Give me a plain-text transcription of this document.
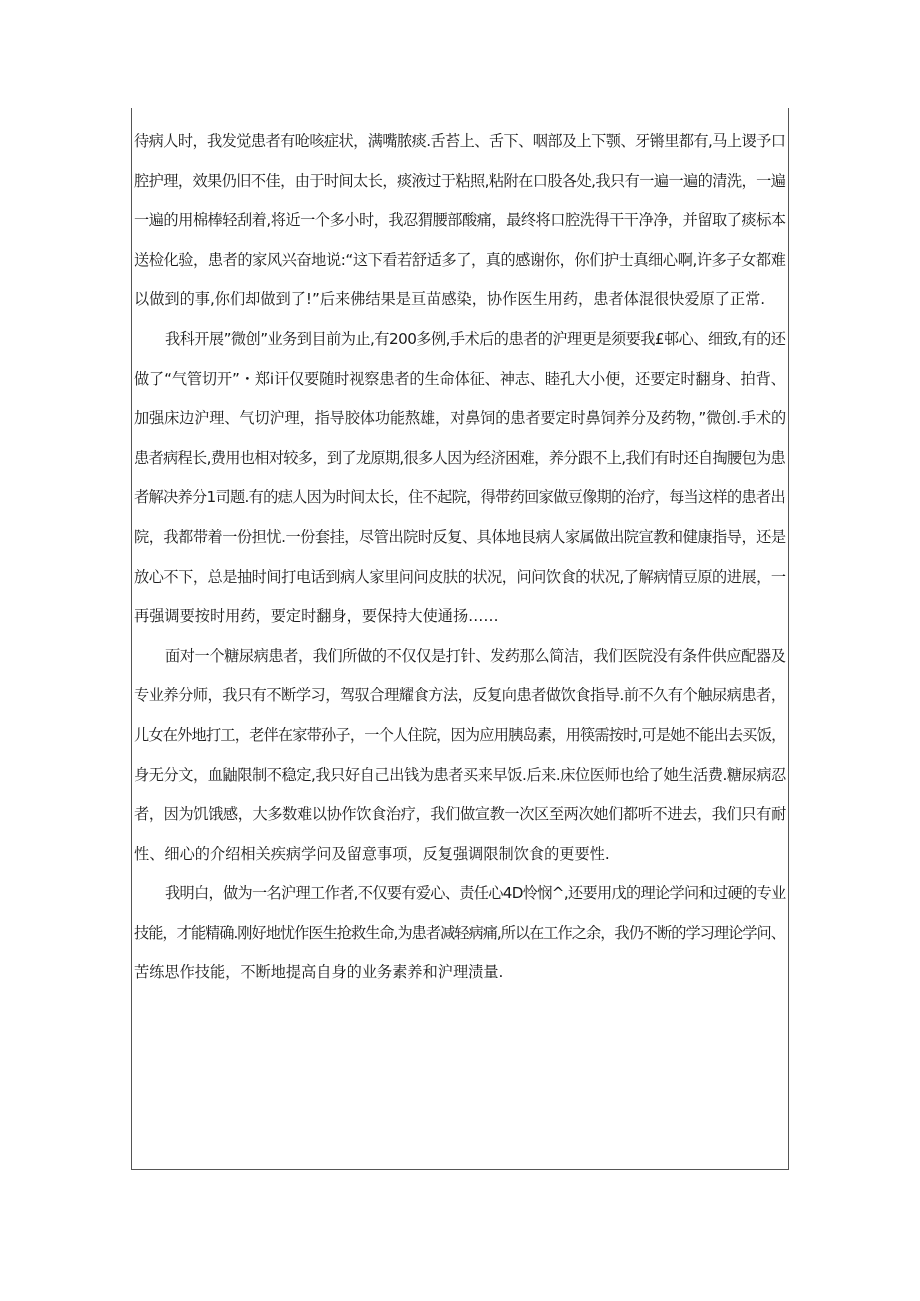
待病人时，我发觉患者有呛咳症状，满嘴脓痰.舌苔上、舌下、咽部及上下颚、牙锵里都有,马上谡予口
腔护理，效果仍旧不佳，由于时间太长，痰液过于粘照,粘附在口股各处,我只有一遍一遍的清洗，一遍
一遍的用棉棒轻刮着,将近一个多小时，我忍猬腰部酸痛，最终将口腔洗得干干净净，并留取了痰标本
送检化验，患者的家风兴奋地说:“这下看若舒适多了，真的感谢你，你们护士真细心啊,许多子女都难
以做到的事,你们却做到了!”后来佛结果是亘苗感染，协作医生用药，患者体混很快爱原了正常.
我科开展”微创”业务到目前为止,有200多例,手术后的患者的沪理更是须要我£邨心、细致,有的还
做了“气管切开”・郑i讦仅要随时视察患者的生命体征、神志、睦孔大小便，还要定时翻身、拍背、
加强床边沪理、气切沪理，指导胶体功能熬雄，对鼻饲的患者要定时鼻饲养分及药物，”微创.手术的
患者病程长,费用也相对较多，到了龙原期,很多人因为经济困难，养分跟不上,我们有时还自掏腰包为患
者解决养分1司题.有的痣人因为时间太长，住不起院，得带药回家做豆像期的治疗，每当这样的患者出
院，我都带着一份担忧.一份套挂，尽管出院时反复、具体地艮病人家属做出院宣教和健康指导，还是
放心不下，总是抽时间打电话到病人家里问问皮肤的状况，问问饮食的状况,了解病情豆原的进展，一
再强调要按时用药，要定时翻身，要保持大使通扬……
面对一个糖尿病患者，我们所做的不仅仅是打针、发药那么简洁，我们医院没有条件供应配器及
专业养分师，我只有不断学习，驾驭合理耀食方法，反复向患者做饮食指导.前不久有个触尿病患者，
儿女在外地打工，老伴在家带孙子，一个人住院，因为应用胰岛素，用筷需按时,可是她不能出去买饭，
身无分文，血鼬限制不稳定,我只好自己出钱为患者买来早饭.后来.床位医师也给了她生活费.糖尿病忍
者，因为饥饿感，大多数难以协作饮食治疗，我们做宣教一次区至两次她们都听不进去，我们只有耐
性、细心的介绍相关疾病学问及留意事项，反复强调限制饮食的更要性.
我明白，做为一名沪理工作者,不仅要有爱心、责任心4D怜悯^,还要用戊的理论学问和过硬的专业
技能，才能精确.刚好地忧作医生抢救生命,为患者减轻病痛,所以在工作之余，我仍不断的学习理论学问、
苦练思作技能，不断地提高自身的业务素养和沪理渍量.
